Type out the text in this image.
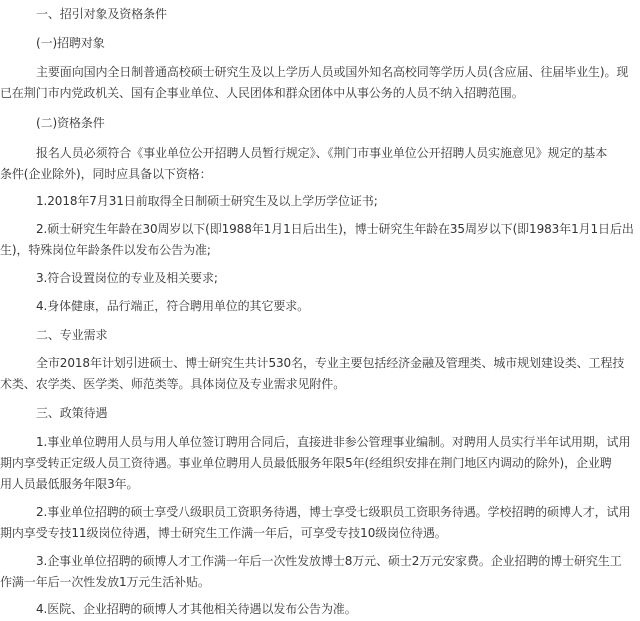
一、招引对象及资格条件

(一)招聘对象

主要面向国内全日制普通高校硕士研究生及以上学历人员或国外知名高校同等学历人员(含应届、往届毕业生)。现
已在荆门市内党政机关、国有企事业单位、人民团体和群众团体中从事公务的人员不纳入招聘范围。

(二)资格条件

报名人员必须符合《事业单位公开招聘人员暂行规定》、《荆门市事业单位公开招聘人员实施意见》规定的基本
条件(企业除外)，同时应具备以下资格：

1.2018年7月31日前取得全日制硕士研究生及以上学历学位证书;

2.硕士研究生年龄在30周岁以下(即1988年1月1日后出生)，博士研究生年龄在35周岁以下(即1983年1月1日后出
生)，特殊岗位年龄条件以发布公告为准;

3.符合设置岗位的专业及相关要求;

4.身体健康，品行端正，符合聘用单位的其它要求。

二、专业需求

全市2018年计划引进硕士、博士研究生共计530名，专业主要包括经济金融及管理类、城市规划建设类、工程技
术类、农学类、医学类、师范类等。具体岗位及专业需求见附件。

三、政策待遇

1.事业单位聘用人员与用人单位签订聘用合同后，直接进非参公管理事业编制。对聘用人员实行半年试用期，试用
期内享受转正定级人员工资待遇。事业单位聘用人员最低服务年限5年(经组织安排在荆门地区内调动的除外)，企业聘
用人员最低服务年限3年。

2.事业单位招聘的硕士享受八级职员工资职务待遇，博士享受七级职员工资职务待遇。学校招聘的硕博人才，试用
期内享受专技11级岗位待遇，博士研究生工作满一年后，可享受专技10级岗位待遇。

3.企事业单位招聘的硕博人才工作满一年后一次性发放博士8万元、硕士2万元安家费。企业招聘的博士研究生工
作满一年后一次性发放1万元生活补贴。

4.医院、企业招聘的硕博人才其他相关待遇以发布公告为准。
